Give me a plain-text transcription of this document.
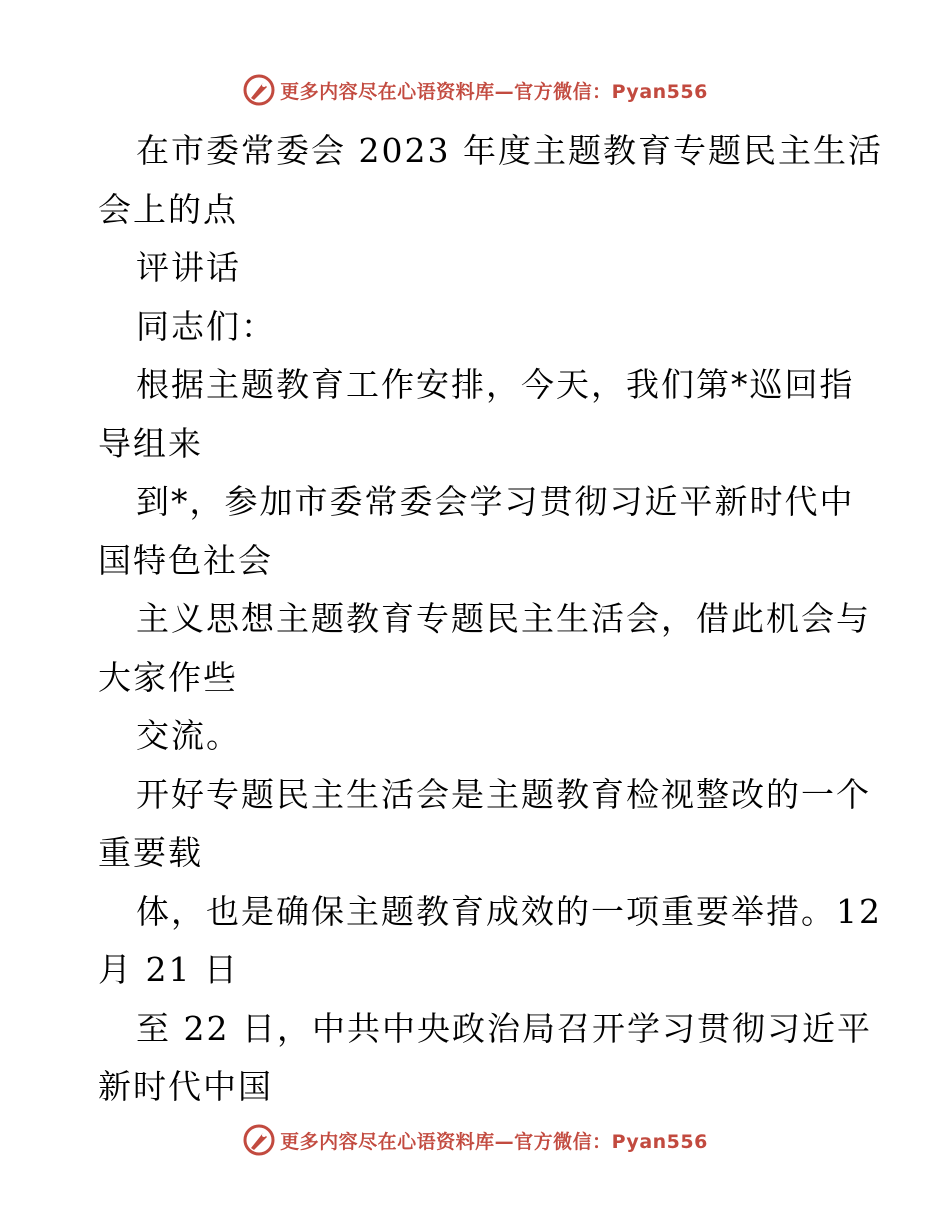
更多内容尽在心语资料库—官方微信：Pyan556
在市委常委会 2023 年度主题教育专题民主生活
会上的点
评讲话
同志们：
根据主题教育工作安排，今天，我们第*巡回指
导组来
到*，参加市委常委会学习贯彻习近平新时代中
国特色社会
主义思想主题教育专题民主生活会，借此机会与
大家作些
交流。
开好专题民主生活会是主题教育检视整改的一个
重要载
体，也是确保主题教育成效的一项重要举措。12
月 21 日
至 22 日，中共中央政治局召开学习贯彻习近平
新时代中国
更多内容尽在心语资料库—官方微信：Pyan556
